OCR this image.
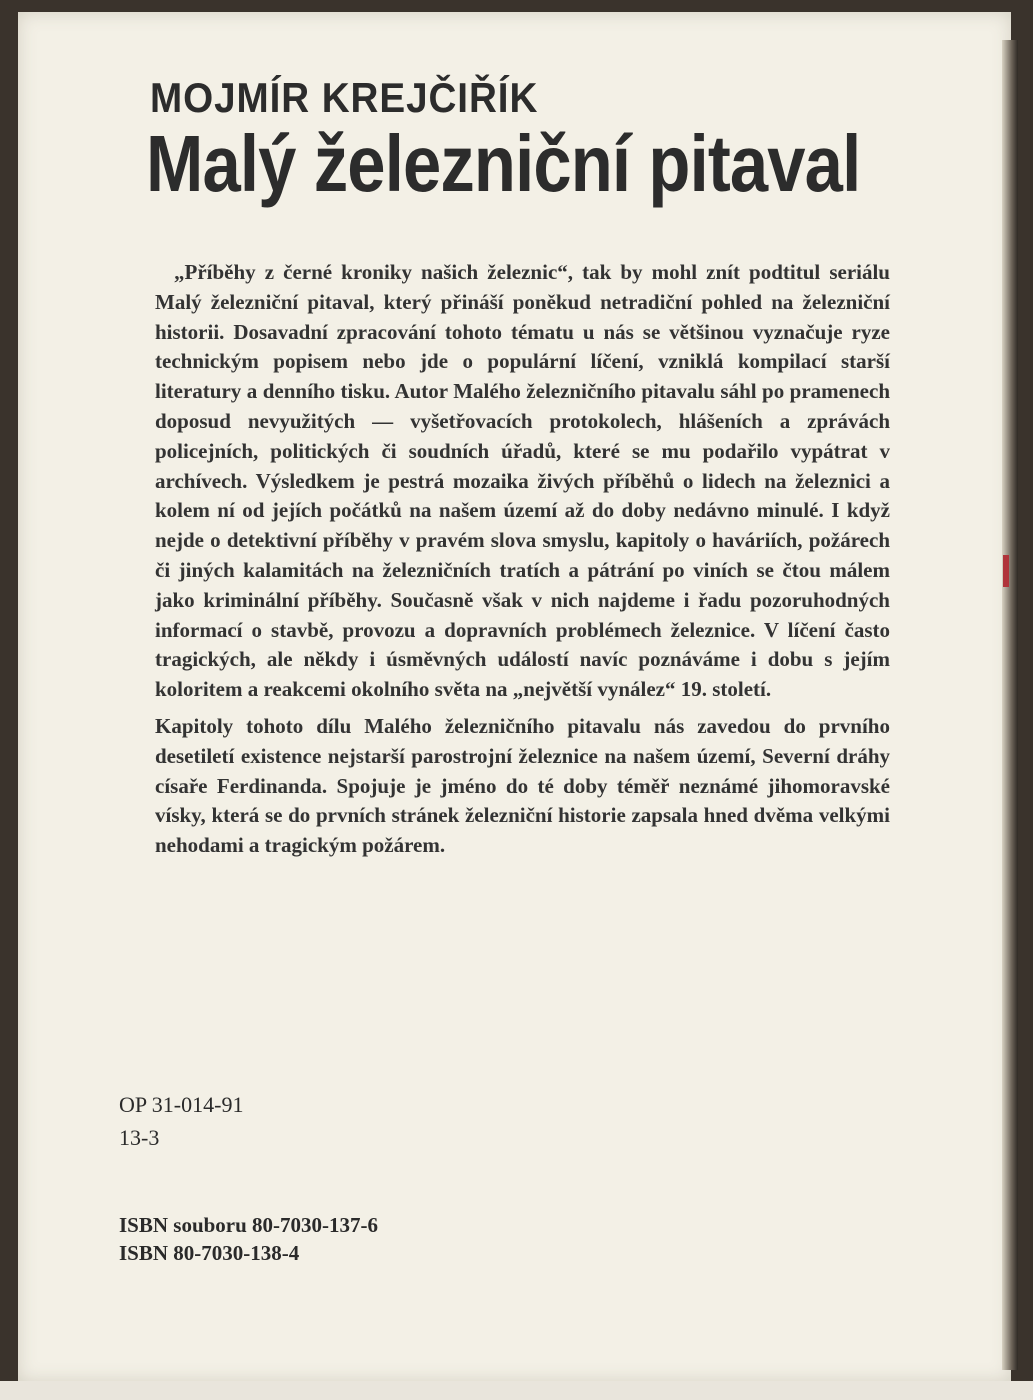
MOJMÍR KREJČIŘÍK
Malý železniční pitaval

„Příběhy z černé kroniky našich železnic“, tak by mohl znít podtitul seriálu Malý železniční pitaval, který přináší poněkud netradiční pohled na železniční historii. Dosavadní zpracování tohoto tématu u nás se většinou vyznačuje ryze technickým popisem nebo jde o populární líčení, vzniklá kompilací starší literatury a denního tisku. Autor Malého železničního pitavalu sáhl po pramenech doposud nevyužitých — vyšetřovacích protokolech, hlášeních a zprávách policejních, politických či soudních úřadů, které se mu podařilo vypátrat v archívech. Výsledkem je pestrá mozaika živých příběhů o lidech na železnici a kolem ní od jejích počátků na našem území až do doby nedávno minulé. I když nejde o detektivní příběhy v pravém slova smyslu, kapitoly o haváriích, požárech či jiných kalamitách na železničních tratích a pátrání po viních se čtou málem jako kriminální příběhy. Současně však v nich najdeme i řadu pozoruhodných informací o stavbě, provozu a dopravních problémech železnice. V líčení často tragických, ale někdy i úsměvných událostí navíc poznáváme i dobu s jejím koloritem a reakcemi okolního světa na „největší vynález“ 19. století.

Kapitoly tohoto dílu Malého železničního pitavalu nás zavedou do prvního desetiletí existence nejstarší parostrojní železnice na našem území, Severní dráhy císaře Ferdinanda. Spojuje je jméno do té doby téměř neznámé jihomoravské vísky, která se do prvních stránek železniční historie zapsala hned dvěma velkými nehodami a tragickým požárem.

OP 31-014-91
13-3
ISBN souboru 80-7030-137-6
ISBN 80-7030-138-4
